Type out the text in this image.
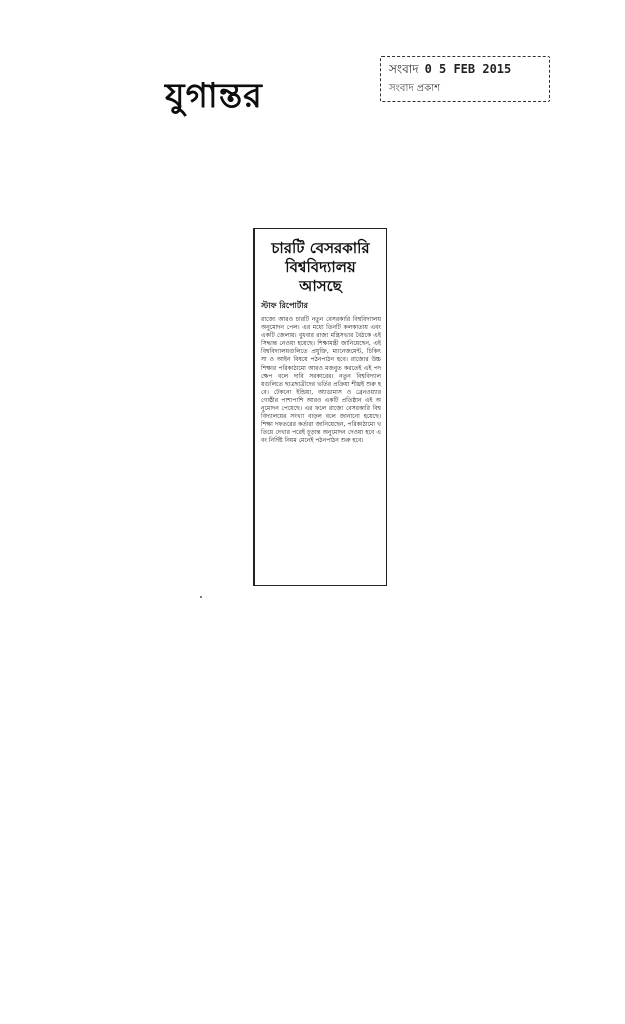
যুগান্তর
সংবাদ 0 5 FEB 2015
সংবাদ প্রকাশ
চারটি বেসরকারি
বিশ্ববিদ্যালয়
আসছে
স্টাফ রিপোর্টার

রাজ্যে আরও চারটি নতুন বেসরকারি বিশ্ববিদ্যালয় অনুমোদন পেল। এর মধ্যে তিনটি কলকাতায় এবং একটি জেলায়। বুধবার রাজ্য মন্ত্রিসভার বৈঠকে এই সিদ্ধান্ত নেওয়া হয়েছে। শিক্ষামন্ত্রী জানিয়েছেন, এই বিশ্ববিদ্যালয়গুলিতে প্রযুক্তি, ম্যানেজমেন্ট, চিকিৎসা ও আইন বিষয়ে পঠনপাঠন হবে। রাজ্যের উচ্চশিক্ষার পরিকাঠামো আরও মজবুত করতেই এই পদক্ষেপ বলে দাবি সরকারের। নতুন বিশ্ববিদ্যালয়গুলিতে ছাত্রছাত্রীদের ভর্তির প্রক্রিয়া শীঘ্রই শুরু হবে। টেকনো ইন্ডিয়া, অ্যাডামাস ও ব্রেনওয়্যার গোষ্ঠীর পাশাপাশি আরও একটি প্রতিষ্ঠান এই অনুমোদন পেয়েছে। এর ফলে রাজ্যে বেসরকারি বিশ্ববিদ্যালয়ের সংখ্যা বাড়ল বলে জানানো হয়েছে। শিক্ষা দফতরের কর্তারা জানিয়েছেন, পরিকাঠামো খতিয়ে দেখার পরেই চূড়ান্ত অনুমোদন দেওয়া হবে এবং নির্দিষ্ট নিয়ম মেনেই পঠনপাঠন শুরু হবে।
